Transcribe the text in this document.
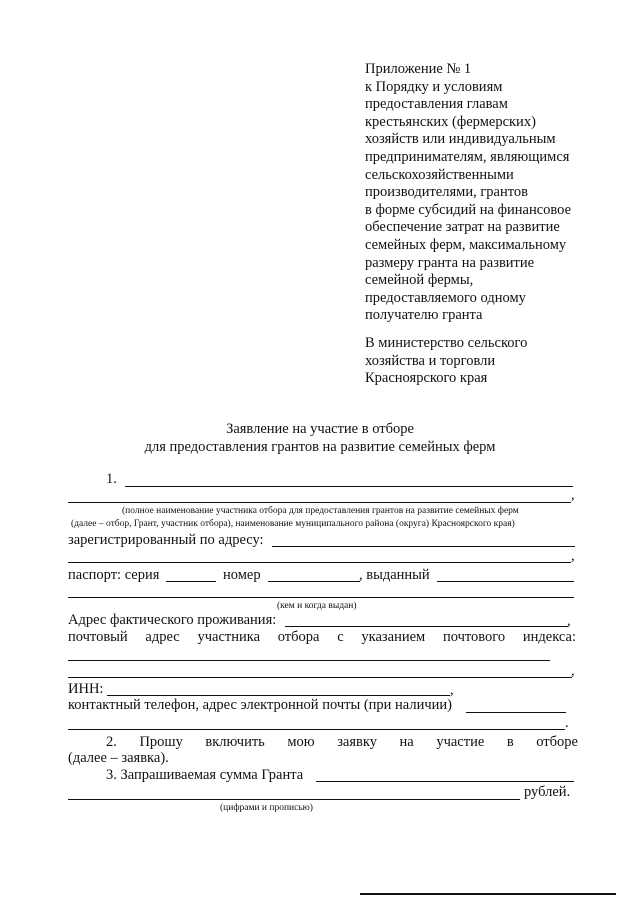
Приложение № 1
к Порядку и условиям
предоставления главам
крестьянских (фермерских)
хозяйств или индивидуальным
предпринимателям, являющимся
сельскохозяйственными
производителями, грантов
в форме субсидий на финансовое
обеспечение затрат на развитие
семейных ферм, максимальному
размеру гранта на развитие
семейной фермы,
предоставляемого одному
получателю гранта
В министерство сельского
хозяйства и торговли
Красноярского края
Заявление на участие в отборе
для предоставления грантов на развитие семейных ферм
1.
,
(полное наименование участника отбора для предоставления грантов на развитие семейных ферм
(далее – отбор, Грант, участник отбора), наименование муниципального района (округа) Красноярского края)
зарегистрированный по адресу:
,
паспорт: серия	номер	, выданный
(кем и когда выдан)
Адрес фактического проживания:	,
почтовый адрес участника отбора с указанием почтового индекса:
,
ИНН:	,
контактный телефон, адрес электронной почты (при наличии)
.
2. Прошу включить мою заявку на участие в отборе
(далее – заявка).
3. Запрашиваемая сумма Гранта
рублей.
(цифрами и прописью)
